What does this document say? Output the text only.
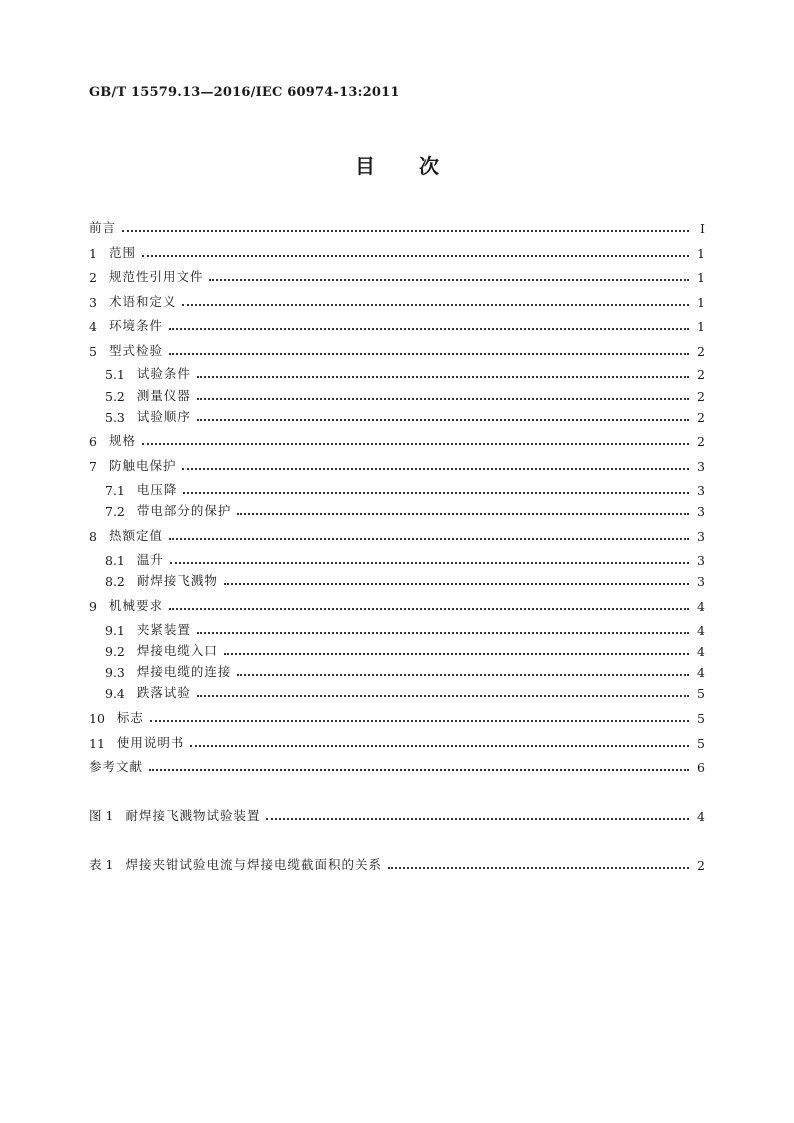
GB/T 15579.13—2016/IEC 60974-13:2011
目次
前言	Ⅰ
1 范围	1
2 规范性引用文件	1
3 术语和定义	1
4 环境条件	1
5 型式检验	2
5.1 试验条件	2
5.2 测量仪器	2
5.3 试验顺序	2
6 规格	2
7 防触电保护	3
7.1 电压降	3
7.2 带电部分的保护	3
8 热额定值	3
8.1 温升	3
8.2 耐焊接飞溅物	3
9 机械要求	4
9.1 夹紧装置	4
9.2 焊接电缆入口	4
9.3 焊接电缆的连接	4
9.4 跌落试验	5
10 标志	5
11 使用说明书	5
参考文献	6
图 1 耐焊接飞溅物试验装置	4
表 1 焊接夹钳试验电流与焊接电缆截面积的关系	2
